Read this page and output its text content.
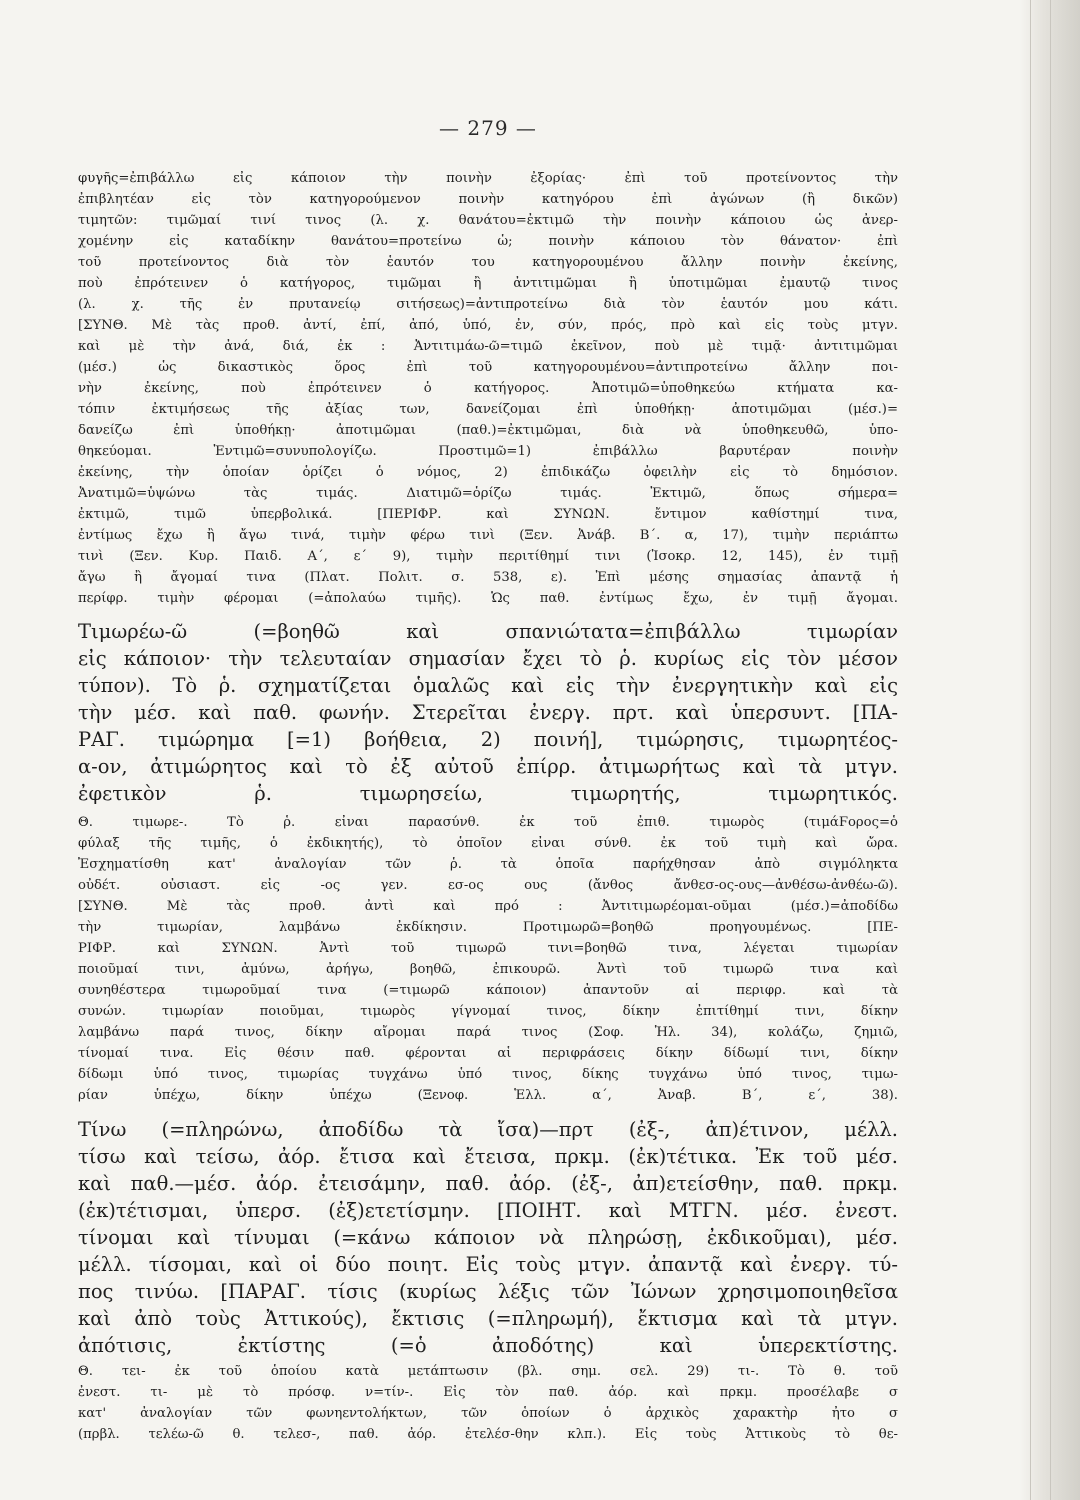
— 279 —
φυγῆς=ἐπιβάλλω εἰς κάποιον τὴν ποινὴν ἐξορίας· ἐπὶ τοῦ προτείνοντος τὴν
ἐπιβλητέαν εἰς τὸν κατηγορούμενον ποινὴν κατηγόρου ἐπὶ ἀγώνων (ἢ δικῶν)
τιμητῶν: τιμῶμαί τινί τινος (λ. χ. θανάτου=ἐκτιμῶ τὴν ποινὴν κάποιου ὡς ἀνερ-
χομένην εἰς καταδίκην θανάτου=προτείνω ὡ; ποινὴν κάποιου τὸν θάνατον· ἐπὶ
τοῦ προτείνοντος διὰ τὸν ἑαυτόν του κατηγορουμένου ἄλλην ποινὴν ἐκείνης,
ποὺ ἐπρότεινεν ὁ κατήγορος, τιμῶμαι ἢ ἀντιτιμῶμαι ἢ ὑποτιμῶμαι ἐμαυτῷ τινος
(λ. χ. τῆς ἐν πρυτανείῳ σιτήσεως)=ἀντιπροτείνω διὰ τὸν ἑαυτόν μου κάτι.
[ΣΥΝΘ. Μὲ τὰς προθ. ἀντί, ἐπί, ἀπό, ὑπό, ἐν, σύν, πρός, πρὸ καὶ εἰς τοὺς μτγν.
καὶ μὲ τὴν ἀνά, διά, ἐκ : Ἀντιτιμάω-ῶ=τιμῶ ἐκεῖνον, ποὺ μὲ τιμᾷ· ἀντιτιμῶμαι
(μέσ.) ὡς δικαστικὸς ὅρος ἐπὶ τοῦ κατηγορουμένου=ἀντιπροτείνω ἄλλην ποι-
νὴν ἐκείνης, ποὺ ἐπρότεινεν ὁ κατήγορος. Ἀποτιμῶ=ὑποθηκεύω κτήματα κα-
τόπιν ἐκτιμήσεως τῆς ἀξίας των, δανείζομαι ἐπὶ ὑποθήκῃ· ἀποτιμῶμαι (μέσ.)=
δανείζω ἐπὶ ὑποθήκῃ· ἀποτιμῶμαι (παθ.)=ἐκτιμῶμαι, διὰ νὰ ὑποθηκευθῶ, ὑπο-
θηκεύομαι. Ἐντιμῶ=συνυπολογίζω. Προστιμῶ=1) ἐπιβάλλω βαρυτέραν ποινὴν
ἐκείνης, τὴν ὁποίαν ὁρίζει ὁ νόμος, 2) ἐπιδικάζω ὀφειλὴν εἰς τὸ δημόσιον.
Ἀνατιμῶ=ὑψώνω τὰς τιμάς. Διατιμῶ=ὁρίζω τιμάς. Ἐκτιμῶ, ὅπως σήμερα=
ἐκτιμῶ, τιμῶ ὑπερβολικά. [ΠΕΡΙΦΡ. καὶ ΣΥΝΩΝ. ἔντιμον καθίστημί τινα,
ἐντίμως ἔχω ἢ ἄγω τινά, τιμὴν φέρω τινὶ (Ξεν. Ἀνάβ. Β΄. α, 17), τιμὴν περιάπτω
τινὶ (Ξεν. Κυρ. Παιδ. Α΄, ε΄ 9), τιμὴν περιτίθημί τινι (Ἰσοκρ. 12, 145), ἐν τιμῇ
ἄγω ἢ ἄγομαί τινα (Πλατ. Πολιτ. σ. 538, ε). Ἐπὶ μέσης σημασίας ἀπαντᾷ ἡ
περίφρ. τιμὴν φέρομαι (=ἀπολαύω τιμῆς). Ὡς παθ. ἐντίμως ἔχω, ἐν τιμῇ ἄγομαι.
Τιμωρέω-ῶ (=βοηθῶ καὶ σπανιώτατα=ἐπιβάλλω τιμωρίαν
εἰς κάποιον· τὴν τελευταίαν σημασίαν ἔχει τὸ ῥ. κυρίως εἰς τὸν μέσον
τύπον). Τὸ ῥ. σχηματίζεται ὁμαλῶς καὶ εἰς τὴν ἐνεργητικὴν καὶ εἰς
τὴν μέσ. καὶ παθ. φωνήν. Στερεῖται ἐνεργ. πρτ. καὶ ὑπερσυντ. [ΠΑ-
ΡΑΓ. τιμώρημα [=1) βοήθεια, 2) ποινή], τιμώρησις, τιμωρητέος-
α-ον, ἀτιμώρητος καὶ τὸ ἐξ αὐτοῦ ἐπίρρ. ἀτιμωρήτως καὶ τὰ μτγν.
ἐφετικὸν ῥ. τιμωρησείω, τιμωρητής, τιμωρητικός.
Θ. τιμωρε-. Τὸ ῥ. εἶναι παρασύνθ. ἐκ τοῦ ἐπιθ. τιμωρὸς (τιμάϜορος=ὁ
φύλαξ τῆς τιμῆς, ὁ ἐκδικητής), τὸ ὁποῖον εἶναι σύνθ. ἐκ τοῦ τιμὴ καὶ ὤρα.
Ἐσχηματίσθη κατ' ἀναλογίαν τῶν ῥ. τὰ ὁποῖα παρήχθησαν ἀπὸ σιγμόληκτα
οὐδέτ. οὐσιαστ. εἰς -ος γεν. εσ-ος ους (ἄνθος ἄνθεσ-ος-ους—ἀνθέσω-ἀνθέω-ῶ).
[ΣΥΝΘ. Μὲ τὰς προθ. ἀντὶ καὶ πρό : Ἀντιτιμωρέομαι-οῦμαι (μέσ.)=ἀποδίδω
τὴν τιμωρίαν, λαμβάνω ἐκδίκησιν. Προτιμωρῶ=βοηθῶ προηγουμένως. [ΠΕ-
ΡΙΦΡ. καὶ ΣΥΝΩΝ. Ἀντὶ τοῦ τιμωρῶ τινι=βοηθῶ τινα, λέγεται τιμωρίαν
ποιοῦμαί τινι, ἀμύνω, ἀρήγω, βοηθῶ, ἐπικουρῶ. Ἀντὶ τοῦ τιμωρῶ τινα καὶ
συνηθέστερα τιμωροῦμαί τινα (=τιμωρῶ κάποιον) ἀπαντοῦν αἱ περιφρ. καὶ τὰ
συνών. τιμωρίαν ποιοῦμαι, τιμωρὸς γίγνομαί τινος, δίκην ἐπιτίθημί τινι, δίκην
λαμβάνω παρά τινος, δίκην αἴρομαι παρά τινος (Σοφ. Ἠλ. 34), κολάζω, ζημιῶ,
τίνομαί τινα. Εἰς θέσιν παθ. φέρονται αἱ περιφράσεις δίκην δίδωμί τινι, δίκην
δίδωμι ὑπό τινος, τιμωρίας τυγχάνω ὑπό τινος, δίκης τυγχάνω ὑπό τινος, τιμω-
ρίαν ὑπέχω, δίκην ὑπέχω (Ξενοφ. Ἑλλ. α΄, Ἀναβ. Β΄, ε΄, 38).
Τίνω (=πληρώνω, ἀποδίδω τὰ ἴσα)—πρτ (ἐξ-, ἀπ)έτινον, μέλλ.
τίσω καὶ τείσω, ἀόρ. ἔτισα καὶ ἔτεισα, πρκμ. (ἐκ)τέτικα. Ἐκ τοῦ μέσ.
καὶ παθ.—μέσ. ἀόρ. ἐτεισάμην, παθ. ἀόρ. (ἐξ-, ἀπ)ετείσθην, παθ. πρκμ.
(ἐκ)τέτισμαι, ὑπερσ. (ἐξ)ετετίσμην. [ΠΟΙΗΤ. καὶ ΜΤΓΝ. μέσ. ἐνεστ.
τίνομαι καὶ τίνυμαι (=κάνω κάποιον νὰ πληρώσῃ, ἐκδικοῦμαι), μέσ.
μέλλ. τίσομαι, καὶ οἱ δύο ποιητ. Εἰς τοὺς μτγν. ἀπαντᾷ καὶ ἐνεργ. τύ-
πος τινύω. [ΠΑΡΑΓ. τίσις (κυρίως λέξις τῶν Ἰώνων χρησιμοποιηθεῖσα
καὶ ἀπὸ τοὺς Ἀττικούς), ἔκτισις (=πληρωμή), ἔκτισμα καὶ τὰ μτγν.
ἀπότισις, ἐκτίστης (=ὁ ἀποδότης) καὶ ὑπερεκτίστης.
Θ. τει- ἐκ τοῦ ὁποίου κατὰ μετάπτωσιν (βλ. σημ. σελ. 29) τι-. Τὸ θ. τοῦ
ἐνεστ. τι- μὲ τὸ πρόσφ. ν=τίν-. Εἰς τὸν παθ. ἀόρ. καὶ πρκμ. προσέλαβε σ
κατ' ἀναλογίαν τῶν φωνηεντολήκτων, τῶν ὁποίων ὁ ἀρχικὸς χαρακτὴρ ἦτο σ
(πρβλ. τελέω-ῶ θ. τελεσ-, παθ. ἀόρ. ἐτελέσ-θην κλπ.). Εἰς τοὺς Ἀττικοὺς τὸ θε-
